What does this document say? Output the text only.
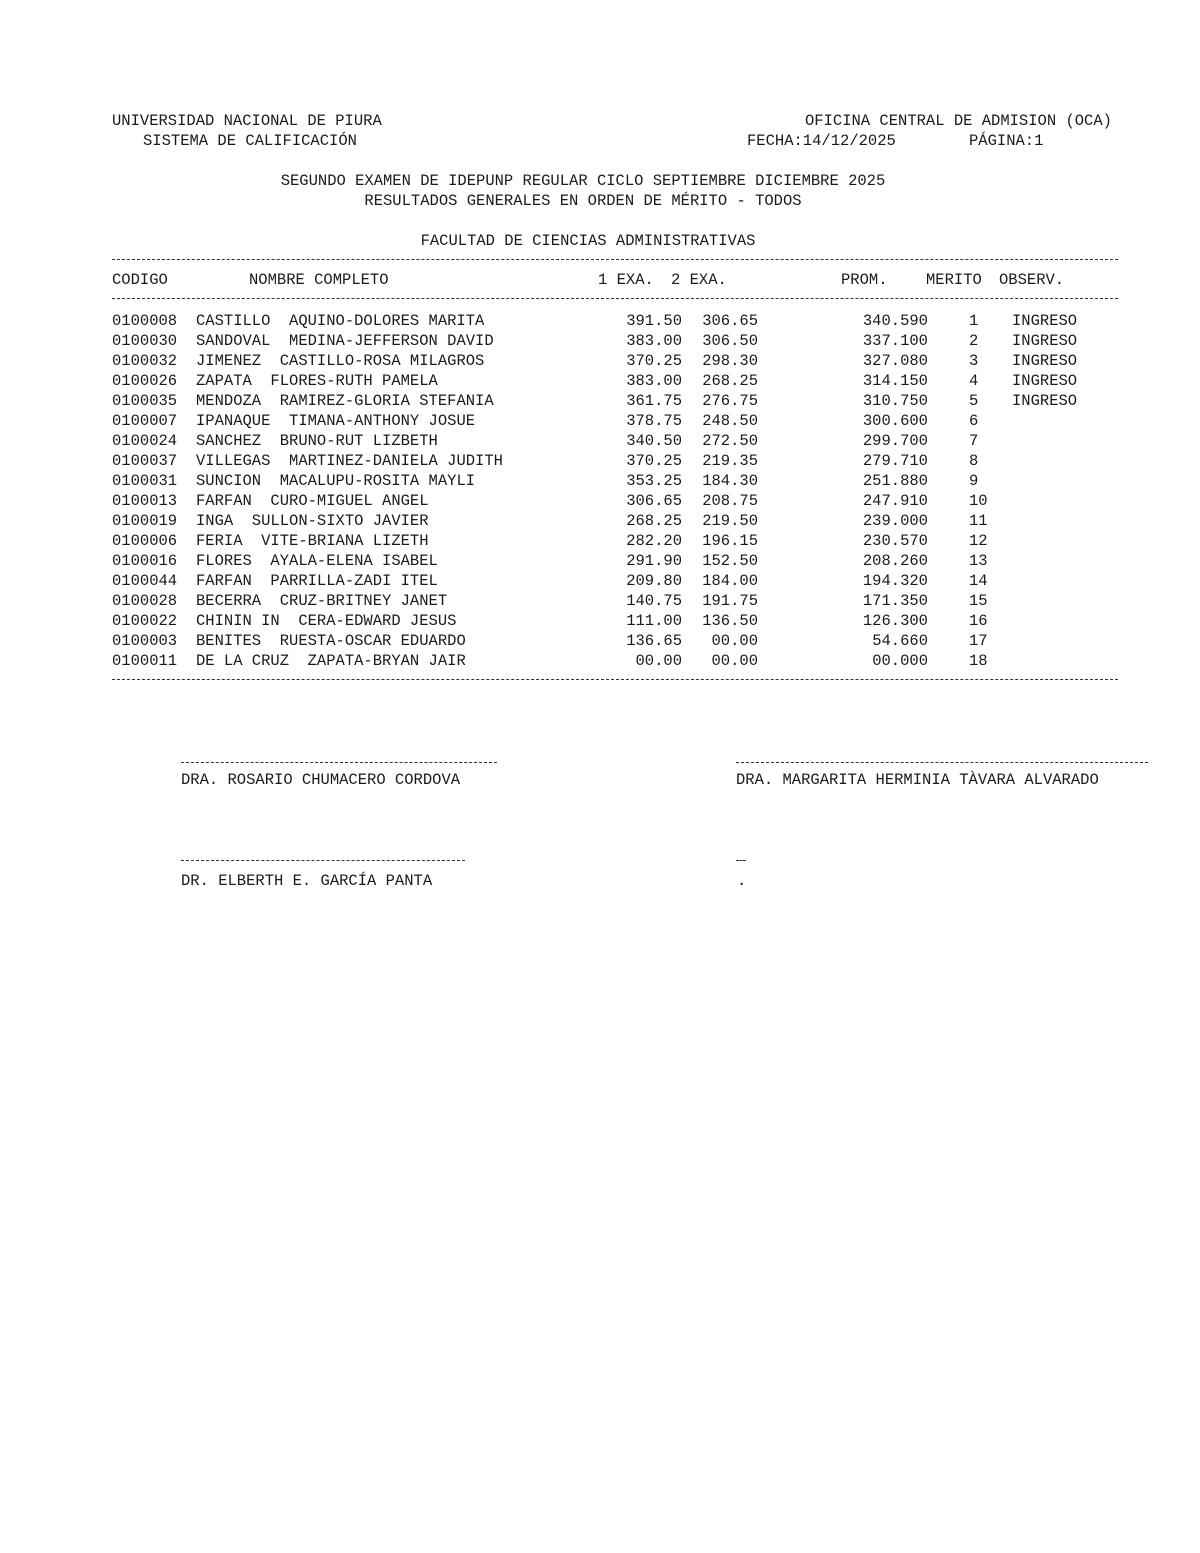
UNIVERSIDAD NACIONAL DE PIURA
SISTEMA DE CALIFICACIÓN
OFICINA CENTRAL DE ADMISION (OCA)
FECHA:14/12/2025	PÁGINA:1
SEGUNDO EXAMEN DE IDEPUNP REGULAR CICLO SEPTIEMBRE DICIEMBRE 2025
RESULTADOS GENERALES EN ORDEN DE MÉRITO - TODOS
FACULTAD DE CIENCIAS ADMINISTRATIVAS
CODIGO	NOMBRE COMPLETO	1 EXA. 2 EXA.	PROM. MERITO OBSERV.
0100008 CASTILLO  AQUINO-DOLORES MARITA	391.50 306.65	340.590	1 INGRESO
0100030 SANDOVAL  MEDINA-JEFFERSON DAVID	383.00 306.50	337.100	2 INGRESO
0100032 JIMENEZ  CASTILLO-ROSA MILAGROS	370.25 298.30	327.080	3 INGRESO
0100026 ZAPATA  FLORES-RUTH PAMELA	383.00 268.25	314.150	4 INGRESO
0100035 MENDOZA  RAMIREZ-GLORIA STEFANIA	361.75 276.75	310.750	5 INGRESO
0100007 IPANAQUE  TIMANA-ANTHONY JOSUE	378.75 248.50	300.600	6
0100024 SANCHEZ  BRUNO-RUT LIZBETH	340.50 272.50	299.700	7
0100037 VILLEGAS  MARTINEZ-DANIELA JUDITH	370.25 219.35	279.710	8
0100031 SUNCION  MACALUPU-ROSITA MAYLI	353.25 184.30	251.880	9
0100013 FARFAN  CURO-MIGUEL ANGEL	306.65 208.75	247.910	10
0100019 INGA  SULLON-SIXTO JAVIER	268.25 219.50	239.000	11
0100006 FERIA  VITE-BRIANA LIZETH	282.20 196.15	230.570	12
0100016 FLORES  AYALA-ELENA ISABEL	291.90 152.50	208.260	13
0100044 FARFAN  PARRILLA-ZADI ITEL	209.80 184.00	194.320	14
0100028 BECERRA  CRUZ-BRITNEY JANET	140.75 191.75	171.350	15
0100022 CHININ IN  CERA-EDWARD JESUS	111.00 136.50	126.300	16
0100003 BENITES  RUESTA-OSCAR EDUARDO	136.65 00.00	54.660	17
0100011 DE LA CRUZ  ZAPATA-BRYAN JAIR	00.00 00.00	00.000	18
DRA. ROSARIO CHUMACERO CORDOVA	DRA. MARGARITA HERMINIA TÀVARA ALVARADO
DR. ELBERTH E. GARCÍA PANTA	.
